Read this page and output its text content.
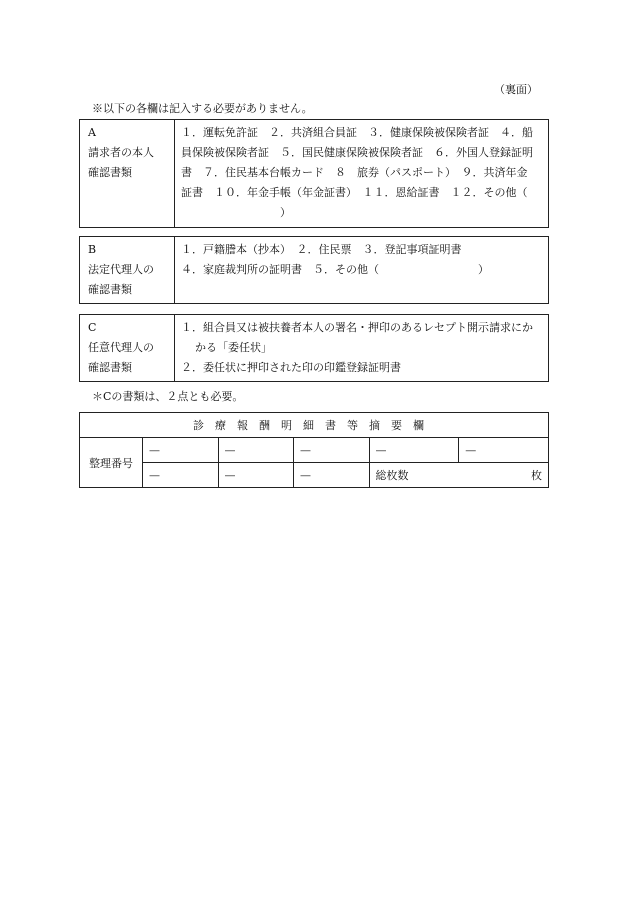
（裏面）
※以下の各欄は記入する必要がありません。
A
請求者の本人
確認書類

１．運転免許証　２．共済組合員証　３．健康保険被保険者証　４．船
員保険被保険者証　５．国民健康保険被保険者証　６．外国人登録証明
書　７．住民基本台帳カード　８　旅券（パスポート）　９．共済年金
証書　１０．年金手帳（年金証書）　１１．恩給証書　１２．その他（
　　　　　　　　　）
B
法定代理人の
確認書類

１．戸籍謄本（抄本）　２．住民票　３．登記事項証明書
４．家庭裁判所の証明書　５．その他（　　　　　　　　　）
C
任意代理人の
確認書類

１．組合員又は被扶養者本人の署名・押印のあるレセプト開示請求にか
かる「委任状」
２．委任状に押印された印の印鑑登録証明書
＊Cの書類は、２点とも必要。
診療報酬明細書等摘要欄					
整理番号	—	—	—	—	—
	—	—	—	総枚数 枚	
